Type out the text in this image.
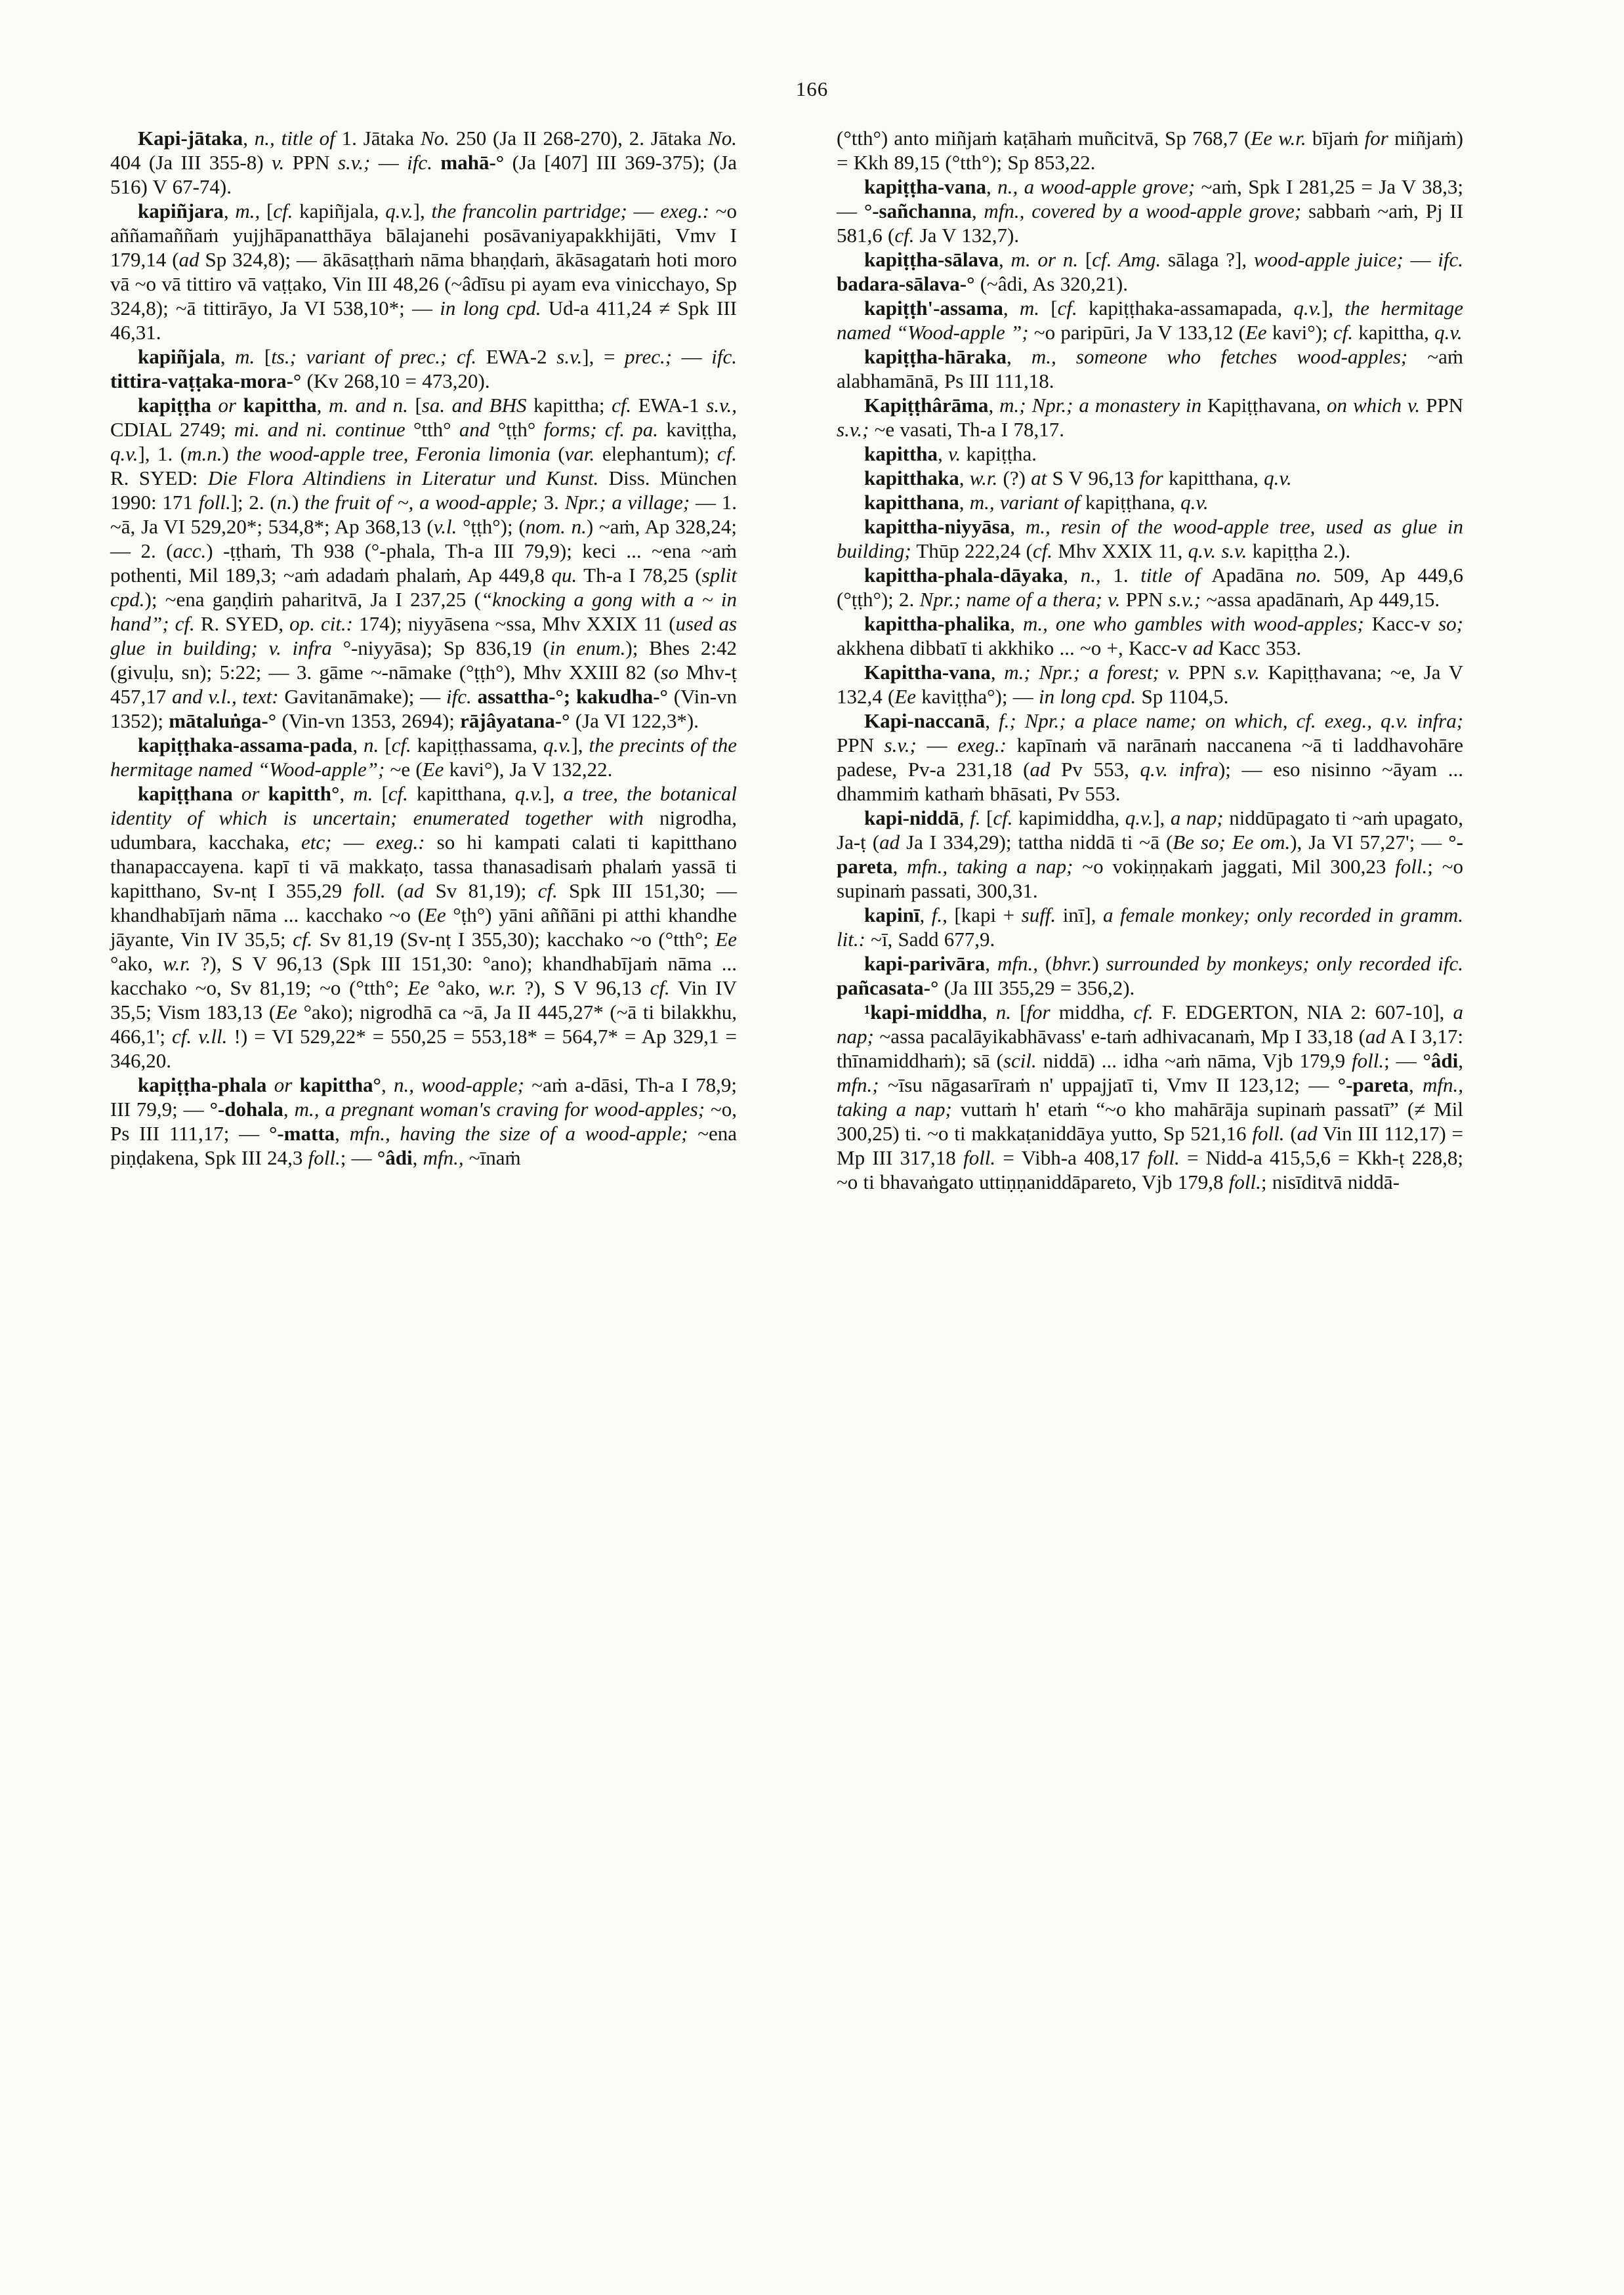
166

Kapi-jātaka, n., title of 1. Jātaka No. 250 (Ja II 268-270), 2. Jātaka No. 404 (Ja III 355-8) v. PPN s.v.; — ifc. mahā-° (Ja [407] III 369-375); (Ja 516) V 67-74).

kapiñjara, m., [cf. kapiñjala, q.v.], the francolin partridge; — exeg.: ~o aññamaññaṁ yujjhāpanatthāya bālajanehi posāvaniyapakkhijāti, Vmv I 179,14 (ad Sp 324,8); — ākāsaṭṭhaṁ nāma bhaṇḍaṁ, ākāsagataṁ hoti moro vā ~o vā tittiro vā vaṭṭako, Vin III 48,26 (~âdīsu pi ayam eva vinicchayo, Sp 324,8); ~ā tittirāyo, Ja VI 538,10*; — in long cpd. Ud-a 411,24 ≠ Spk III 46,31.

kapiñjala, m. [ts.; variant of prec.; cf. EWA-2 s.v.], = prec.; — ifc. tittira-vaṭṭaka-mora-° (Kv 268,10 = 473,20).

kapiṭṭha or kapittha, m. and n. [sa. and BHS kapittha; cf. EWA-1 s.v., CDIAL 2749; mi. and ni. continue °tth° and °ṭṭh° forms; cf. pa. kaviṭṭha, q.v.], 1. (m.n.) the wood-apple tree, Feronia limonia (var. elephantum); cf. R. SYED: Die Flora Altindiens in Literatur und Kunst. Diss. München 1990: 171 foll.]; 2. (n.) the fruit of ~, a wood-apple; 3. Npr.; a village; — 1. ~ā, Ja VI 529,20*; 534,8*; Ap 368,13 (v.l. °ṭṭh°); (nom. n.) ~aṁ, Ap 328,24; — 2. (acc.) -ṭṭhaṁ, Th 938 (°-phala, Th-a III 79,9); keci ... ~ena ~aṁ pothenti, Mil 189,3; ~aṁ adadaṁ phalaṁ, Ap 449,8 qu. Th-a I 78,25 (split cpd.); ~ena gaṇḍiṁ paharitvā, Ja I 237,25 (“knocking a gong with a ~ in hand”; cf. R. SYED, op. cit.: 174); niyyāsena ~ssa, Mhv XXIX 11 (used as glue in building; v. infra °-niyyāsa); Sp 836,19 (in enum.); Bhes 2:42 (givuḷu, sn); 5:22; — 3. gāme ~-nāmake (°ṭṭh°), Mhv XXIII 82 (so Mhv-ṭ 457,17 and v.l., text: Gavitanāmake); — ifc. assattha-°; kakudha-° (Vin-vn 1352); mātaluṅga-° (Vin-vn 1353, 2694); rājâyatana-° (Ja VI 122,3*).

kapiṭṭhaka-assama-pada, n. [cf. kapiṭṭhassama, q.v.], the precints of the hermitage named “Wood-apple”; ~e (Ee kavi°), Ja V 132,22.

kapiṭṭhana or kapitth°, m. [cf. kapitthana, q.v.], a tree, the botanical identity of which is uncertain; enumerated together with nigrodha, udumbara, kacchaka, etc; — exeg.: so hi kampati calati ti kapitthano thanapaccayena. kapī ti vā makkaṭo, tassa thanasadisaṁ phalaṁ yassā ti kapitthano, Sv-nṭ I 355,29 foll. (ad Sv 81,19); cf. Spk III 151,30; — khandhabījaṁ nāma ... kacchako ~o (Ee °ṭh°) yāni aññāni pi atthi khandhe jāyante, Vin IV 35,5; cf. Sv 81,19 (Sv-nṭ I 355,30); kacchako ~o (°tth°; Ee °ako, w.r. ?), S V 96,13 (Spk III 151,30: °ano); khandhabījaṁ nāma ... kacchako ~o, Sv 81,19; ~o (°tth°; Ee °ako, w.r. ?), S V 96,13 cf. Vin IV 35,5; Vism 183,13 (Ee °ako); nigrodhā ca ~ā, Ja II 445,27* (~ā ti bilakkhu, 466,1'; cf. v.ll. !) = VI 529,22* = 550,25 = 553,18* = 564,7* = Ap 329,1 = 346,20.

kapiṭṭha-phala or kapittha°, n., wood-apple; ~aṁ a-dāsi, Th-a I 78,9; III 79,9; — °-dohala, m., a pregnant woman's craving for wood-apples; ~o, Ps III 111,17; — °-matta, mfn., having the size of a wood-apple; ~ena piṇḍakena, Spk III 24,3 foll.; — °âdi, mfn., ~īnaṁ

(°tth°) anto miñjaṁ kaṭāhaṁ muñcitvā, Sp 768,7 (Ee w.r. bījaṁ for miñjaṁ) = Kkh 89,15 (°tth°); Sp 853,22.

kapiṭṭha-vana, n., a wood-apple grove; ~aṁ, Spk I 281,25 = Ja V 38,3; — °-sañchanna, mfn., covered by a wood-apple grove; sabbaṁ ~aṁ, Pj II 581,6 (cf. Ja V 132,7).

kapiṭṭha-sālava, m. or n. [cf. Amg. sālaga ?], wood-apple juice; — ifc. badara-sālava-° (~âdi, As 320,21).

kapiṭṭh'-assama, m. [cf. kapiṭṭhaka-assamapada, q.v.], the hermitage named “Wood-apple ”; ~o paripūri, Ja V 133,12 (Ee kavi°); cf. kapittha, q.v.

kapiṭṭha-hāraka, m., someone who fetches wood-apples; ~aṁ alabhamānā, Ps III 111,18.

Kapiṭṭhârāma, m.; Npr.; a monastery in Kapiṭṭhavana, on which v. PPN s.v.; ~e vasati, Th-a I 78,17.

kapittha, v. kapiṭṭha.

kapitthaka, w.r. (?) at S V 96,13 for kapitthana, q.v.

kapitthana, m., variant of kapiṭṭhana, q.v.

kapittha-niyyāsa, m., resin of the wood-apple tree, used as glue in building; Thūp 222,24 (cf. Mhv XXIX 11, q.v. s.v. kapiṭṭha 2.).

kapittha-phala-dāyaka, n., 1. title of Apadāna no. 509, Ap 449,6 (°ṭṭh°); 2. Npr.; name of a thera; v. PPN s.v.; ~assa apadānaṁ, Ap 449,15.

kapittha-phalika, m., one who gambles with wood-apples; Kacc-v so; akkhena dibbatī ti akkhiko ... ~o +, Kacc-v ad Kacc 353.

Kapittha-vana, m.; Npr.; a forest; v. PPN s.v. Kapiṭṭhavana; ~e, Ja V 132,4 (Ee kaviṭṭha°); — in long cpd. Sp 1104,5.

Kapi-naccanā, f.; Npr.; a place name; on which, cf. exeg., q.v. infra; PPN s.v.; — exeg.: kapīnaṁ vā narānaṁ naccanena ~ā ti laddhavohāre padese, Pv-a 231,18 (ad Pv 553, q.v. infra); — eso nisinno ~āyam ... dhammiṁ kathaṁ bhāsati, Pv 553.

kapi-niddā, f. [cf. kapimiddha, q.v.], a nap; niddūpagato ti ~aṁ upagato, Ja-ṭ (ad Ja I 334,29); tattha niddā ti ~ā (Be so; Ee om.), Ja VI 57,27'; — °-pareta, mfn., taking a nap; ~o vokiṇṇakaṁ jaggati, Mil 300,23 foll.; ~o supinaṁ passati, 300,31.

kapinī, f., [kapi + suff. inī], a female monkey; only recorded in gramm. lit.: ~ī, Sadd 677,9.

kapi-parivāra, mfn., (bhvr.) surrounded by monkeys; only recorded ifc. pañcasata-° (Ja III 355,29 = 356,2).

¹kapi-middha, n. [for middha, cf. F. EDGERTON, NIA 2: 607-10], a nap; ~assa pacalāyikabhāvass' e-taṁ adhivacanaṁ, Mp I 33,18 (ad A I 3,17: thīnamiddhaṁ); sā (scil. niddā) ... idha ~aṁ nāma, Vjb 179,9 foll.; — °âdi, mfn.; ~īsu nāgasarīraṁ n' uppajjatī ti, Vmv II 123,12; — °-pareta, mfn., taking a nap; vuttaṁ h' etaṁ “~o kho mahārāja supinaṁ passatī” (≠ Mil 300,25) ti. ~o ti makkaṭaniddāya yutto, Sp 521,16 foll. (ad Vin III 112,17) = Mp III 317,18 foll. = Vibh-a 408,17 foll. = Nidd-a 415,5,6 = Kkh-ṭ 228,8; ~o ti bhavaṅgato uttiṇṇaniddāpareto, Vjb 179,8 foll.; nisīditvā niddā-
